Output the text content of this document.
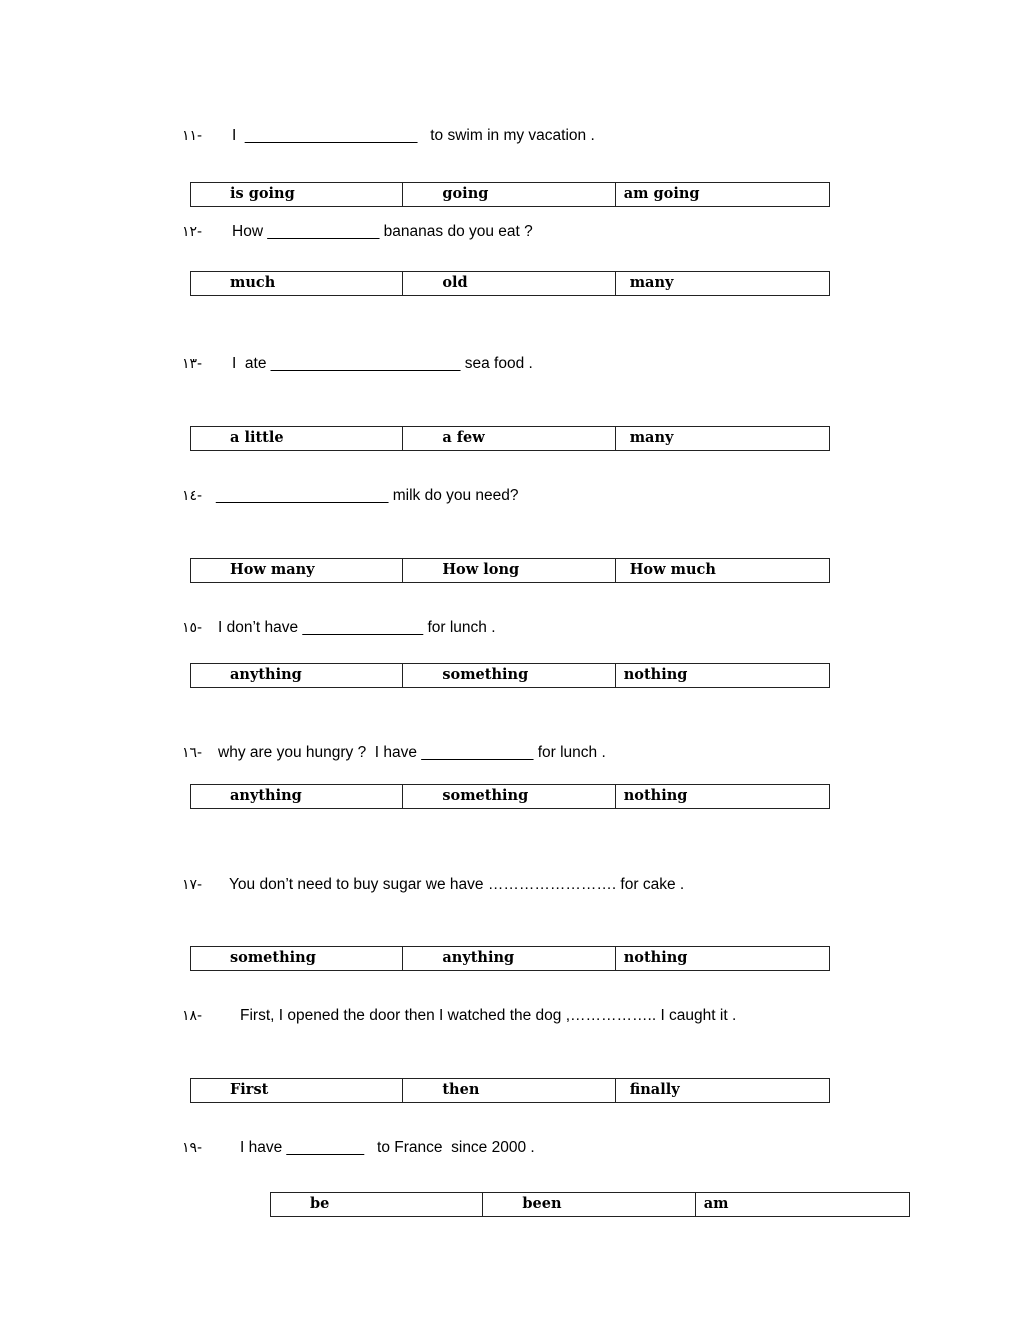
١١- I  ____________________   to swim in my vacation .
is going	going	am going
١٢- How _____________ bananas do you eat ?
much	old	many
١٣- I  ate ______________________ sea food .
a little	a few	many
١٤- ____________________ milk do you need?
How many	How long	How much
١٥- I don’t have ______________ for lunch .
anything	something	nothing
١٦- why are you hungry ?  I have _____________ for lunch .
anything	something	nothing
١٧- You don’t need to buy sugar we have ……………………. for cake .
something	anything	nothing
١٨- First, I opened the door then I watched the dog ,…………….. I caught it .
First	then	finally
١٩- I have _________   to France  since 2000 .
be	been	am
